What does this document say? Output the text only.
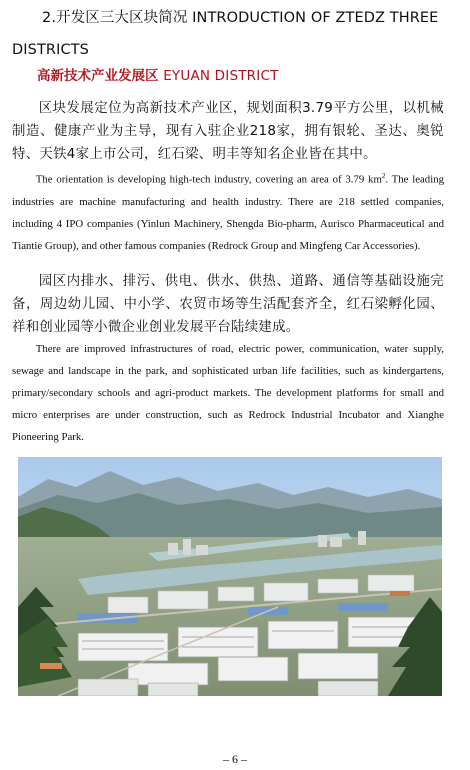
2.开发区三大区块简况 INTRODUCTION OF ZTEDZ THREE
DISTRICTS
高新技术产业发展区 EYUAN DISTRICT
区块发展定位为高新技术产业区，规划面积3.79平方公里，以机械制造、健康产业为主导，现有入驻企业218家，拥有银轮、圣达、奥锐特、天铁4家上市公司，红石梁、明丰等知名企业皆在其中。
The orientation is developing high-tech industry, covering an area of 3.79 $km^2$. The leading industries are machine manufacturing and health industry. There are 218 settled companies, including 4 IPO companies (Yinlun Machinery, Shengda Bio-pharm, Aurisco Pharmaceutical and Tiantie Group), and other famous companies (Redrock Group and Mingfeng Car Accessories).
园区内排水、排污、供电、供水、供热、道路、通信等基础设施完备，周边幼儿园、中小学、农贸市场等生活配套齐全，红石梁孵化园、祥和创业园等小微企业创业发展平台陆续建成。
There are improved infrastructures of road, electric power, communication, water supply, sewage and landscape in the park, and sophisticated urban life facilities, such as kindergartens, primary/secondary schools and agri-product markets. The development platforms for small and micro enterprises are under construction, such as Redrock Industrial Incubator and Xianghe Pioneering Park.
– 6 –
